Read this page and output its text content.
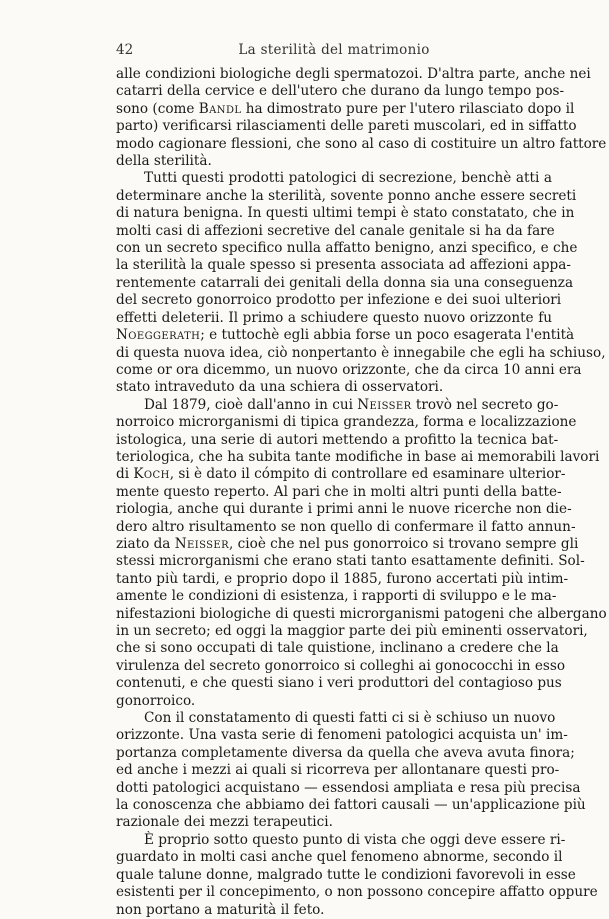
42	La sterilità del matrimonio
alle condizioni biologiche degli spermatozoi. D'altra parte, anche nei
catarri della cervice e dell'utero che durano da lungo tempo pos-
sono (come Bandl ha dimostrato pure per l'utero rilasciato dopo il
parto) verificarsi rilasciamenti delle pareti muscolari, ed in siffatto
modo cagionare flessioni, che sono al caso di costituire un altro fattore
della sterilità.
Tutti questi prodotti patologici di secrezione, benchè atti a
determinare anche la sterilità, sovente ponno anche essere secreti
di natura benigna. In questi ultimi tempi è stato constatato, che in
molti casi di affezioni secretive del canale genitale si ha da fare
con un secreto specifico nulla affatto benigno, anzi specifico, e che
la sterilità la quale spesso si presenta associata ad affezioni appa-
rentemente catarrali dei genitali della donna sia una conseguenza
del secreto gonorroico prodotto per infezione e dei suoi ulteriori
effetti deleterii. Il primo a schiudere questo nuovo orizzonte fu
Noeggerath; e tuttochè egli abbia forse un poco esagerata l'entità
di questa nuova idea, ciò nonpertanto è innegabile che egli ha schiuso,
come or ora dicemmo, un nuovo orizzonte, che da circa 10 anni era
stato intraveduto da una schiera di osservatori.
Dal 1879, cioè dall'anno in cui Neisser trovò nel secreto go-
norroico microrganismi di tipica grandezza, forma e localizzazione
istologica, una serie di autori mettendo a profitto la tecnica bat-
teriologica, che ha subita tante modifiche in base ai memorabili lavori
di Koch, si è dato il cómpito di controllare ed esaminare ulterior-
mente questo reperto. Al pari che in molti altri punti della batte-
riologia, anche qui durante i primi anni le nuove ricerche non die-
dero altro risultamento se non quello di confermare il fatto annun-
ziato da Neisser, cioè che nel pus gonorroico si trovano sempre gli
stessi microrganismi che erano stati tanto esattamente definiti. Sol-
tanto più tardi, e proprio dopo il 1885, furono accertati più intim-
amente le condizioni di esistenza, i rapporti di sviluppo e le ma-
nifestazioni biologiche di questi microrganismi patogeni che albergano
in un secreto; ed oggi la maggior parte dei più eminenti osservatori,
che si sono occupati di tale quistione, inclinano a credere che la
virulenza del secreto gonorroico si colleghi ai gonococchi in esso
contenuti, e che questi siano i veri produttori del contagioso pus
gonorroico.
Con il constatamento di questi fatti ci si è schiuso un nuovo
orizzonte. Una vasta serie di fenomeni patologici acquista un' im-
portanza completamente diversa da quella che aveva avuta finora;
ed anche i mezzi ai quali si ricorreva per allontanare questi pro-
dotti patologici acquistano — essendosi ampliata e resa più precisa
la conoscenza che abbiamo dei fattori causali — un'applicazione più
razionale dei mezzi terapeutici.
È proprio sotto questo punto di vista che oggi deve essere ri-
guardato in molti casi anche quel fenomeno abnorme, secondo il
quale talune donne, malgrado tutte le condizioni favorevoli in esse
esistenti per il concepimento, o non possono concepire affatto oppure
non portano a maturità il feto.
